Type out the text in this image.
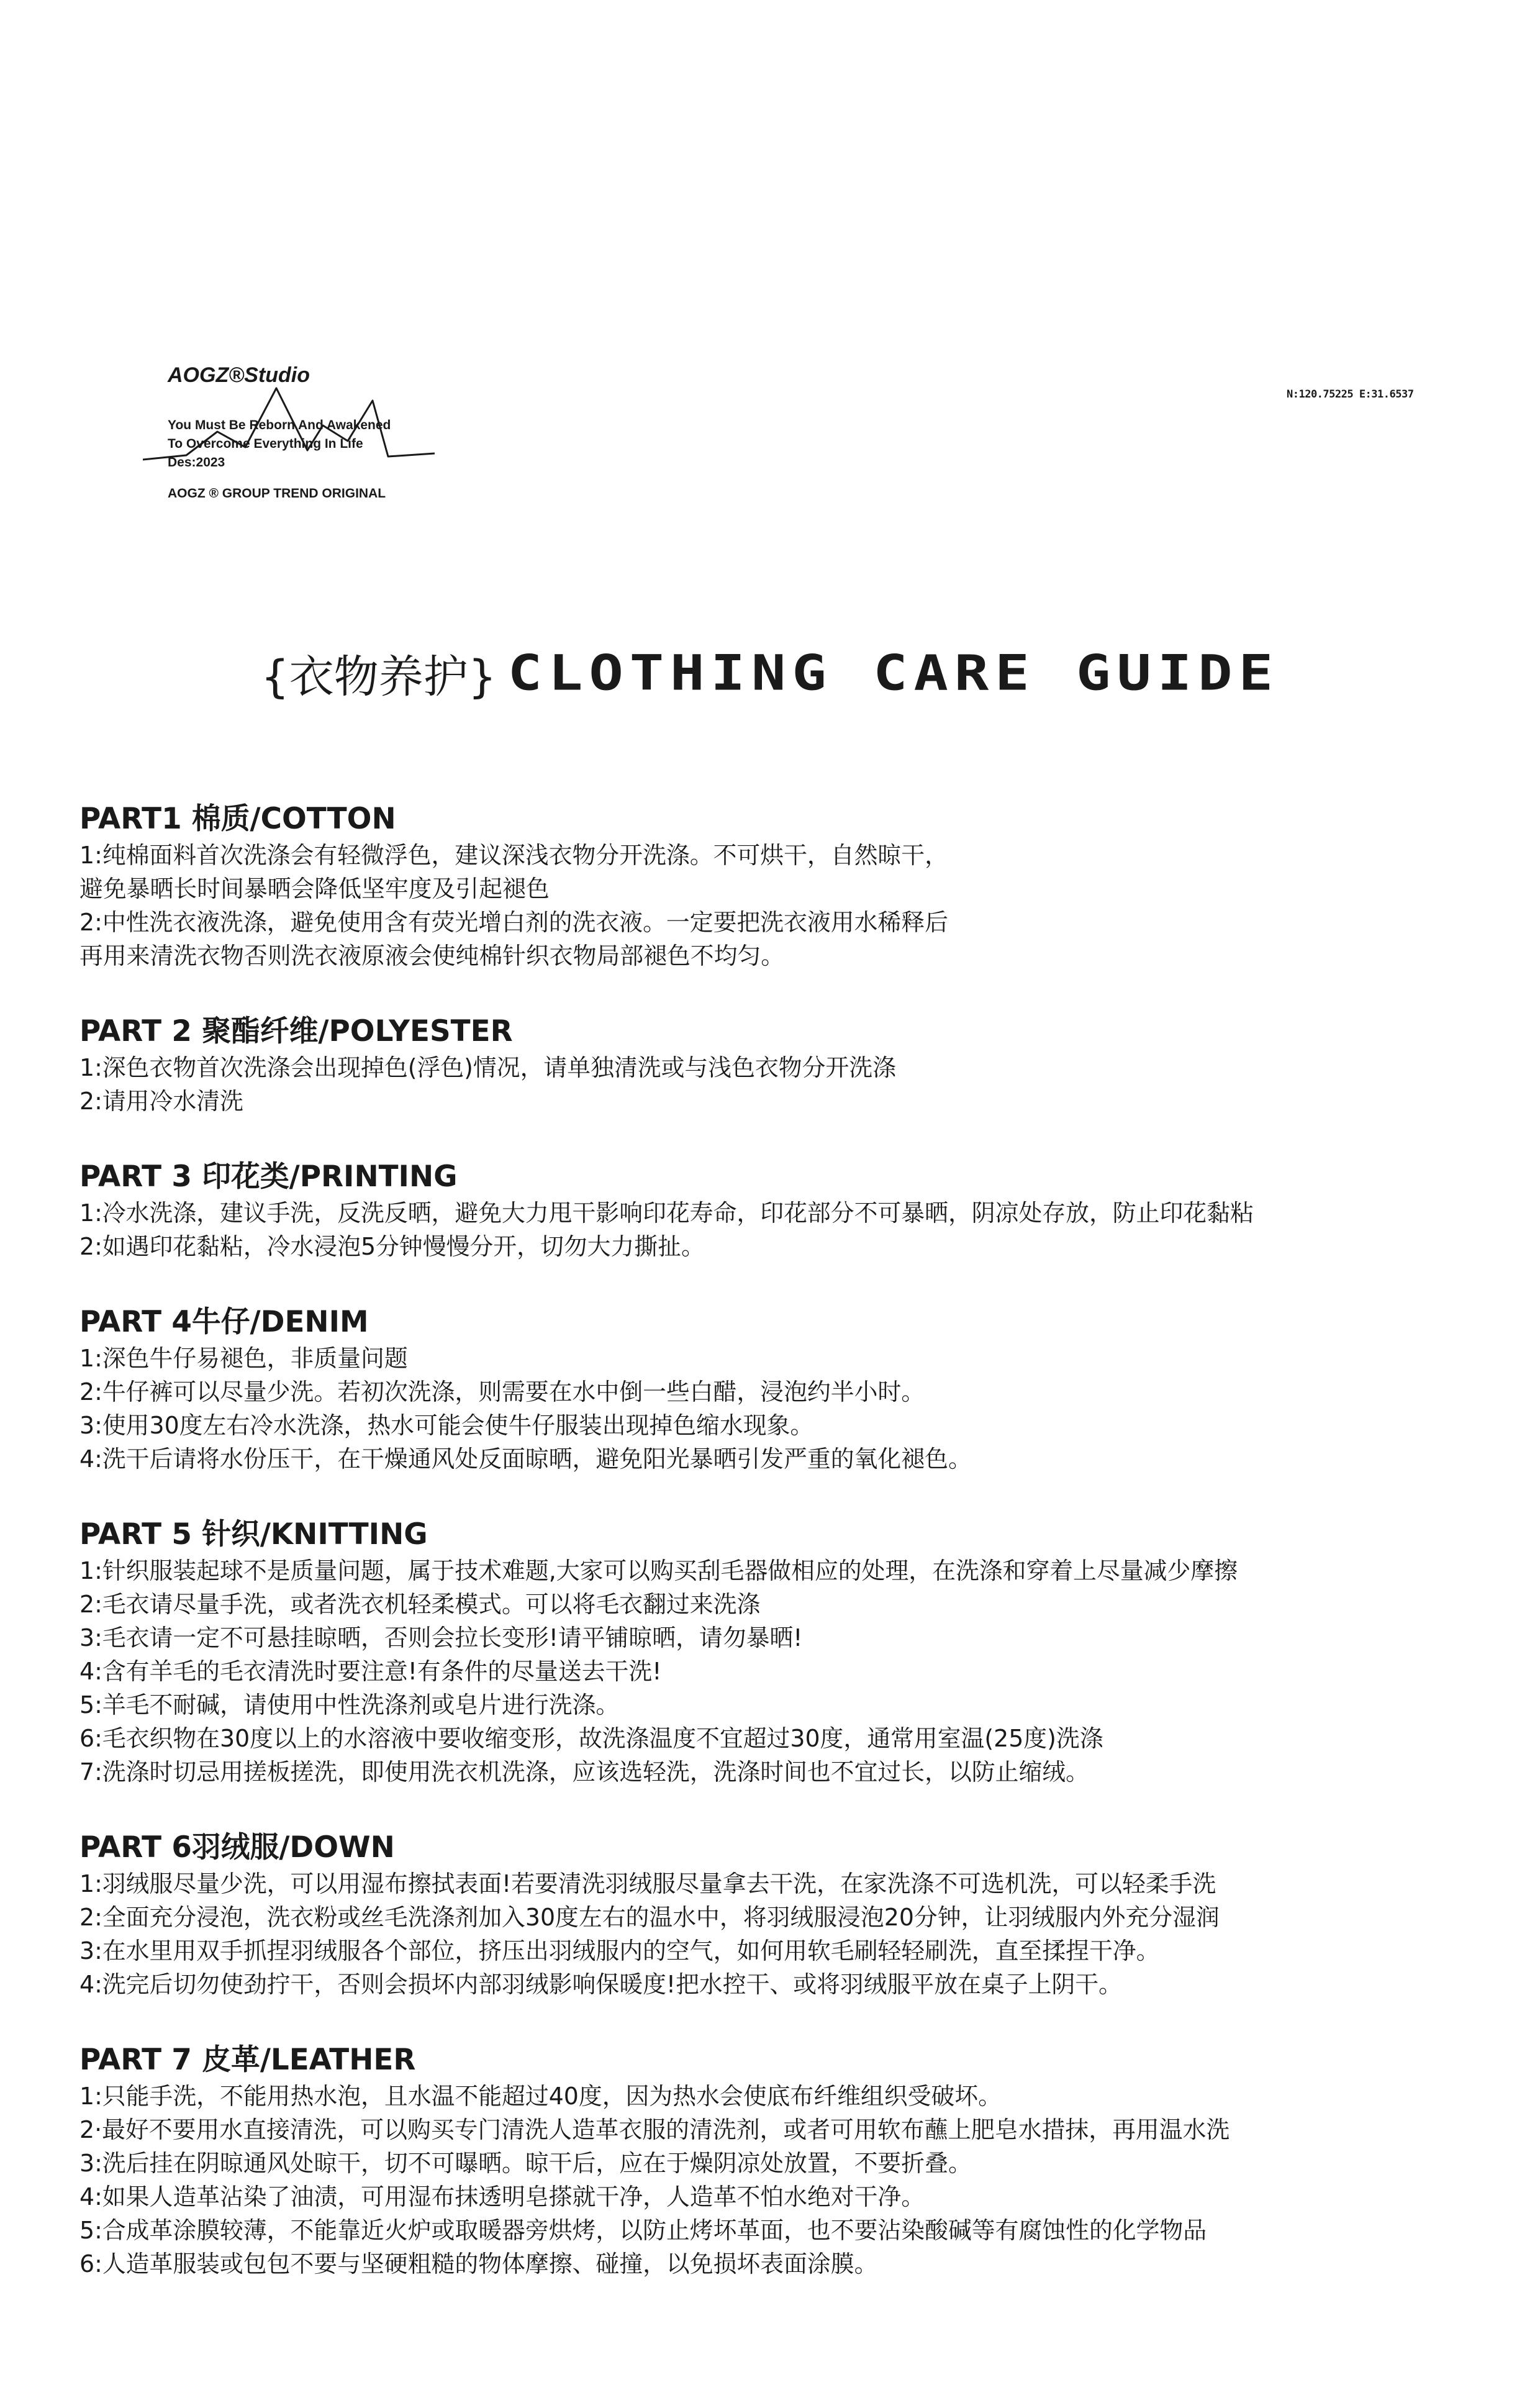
AOGZ®Studio
You Must Be Reborn And Awakened
To Overcome Everything In Life
Des:2023
AOGZ ® GROUP TREND ORIGINAL
N:120.75225 E:31.6537
{衣物养护} CLOTHING CARE GUIDE
PART1 棉质/COTTON
1:纯棉面料首次洗涤会有轻微浮色，建议深浅衣物分开洗涤。不可烘干，自然晾干，
避免暴晒长时间暴晒会降低坚牢度及引起褪色
2:中性洗衣液洗涤，避免使用含有荧光增白剂的洗衣液。一定要把洗衣液用水稀释后
再用来清洗衣物否则洗衣液原液会使纯棉针织衣物局部褪色不均匀。
PART 2 聚酯纤维/POLYESTER
1:深色衣物首次洗涤会出现掉色(浮色)情况，请单独清洗或与浅色衣物分开洗涤
2:请用冷水清洗
PART 3 印花类/PRINTING
1:冷水洗涤，建议手洗，反洗反晒，避免大力甩干影响印花寿命，印花部分不可暴晒，阴凉处存放，防止印花黏粘
2:如遇印花黏粘，冷水浸泡5分钟慢慢分开，切勿大力撕扯。
PART 4牛仔/DENIM
1:深色牛仔易褪色，非质量问题
2:牛仔裤可以尽量少洗。若初次洗涤，则需要在水中倒一些白醋，浸泡约半小时。
3:使用30度左右冷水洗涤，热水可能会使牛仔服装出现掉色缩水现象。
4:洗干后请将水份压干，在干燥通风处反面晾晒，避免阳光暴晒引发严重的氧化褪色。
PART 5 针织/KNITTING
1:针织服装起球不是质量问题，属于技术难题,大家可以购买刮毛器做相应的处理，在洗涤和穿着上尽量减少摩擦
2:毛衣请尽量手洗，或者洗衣机轻柔模式。可以将毛衣翻过来洗涤
3:毛衣请一定不可悬挂晾晒，否则会拉长变形!请平铺晾晒，请勿暴晒!
4:含有羊毛的毛衣清洗时要注意!有条件的尽量送去干洗!
5:羊毛不耐碱，请使用中性洗涤剂或皂片进行洗涤。
6:毛衣织物在30度以上的水溶液中要收缩变形，故洗涤温度不宜超过30度，通常用室温(25度)洗涤
7:洗涤时切忌用搓板搓洗，即使用洗衣机洗涤，应该选轻洗，洗涤时间也不宜过长，以防止缩绒。
PART 6羽绒服/DOWN
1:羽绒服尽量少洗，可以用湿布擦拭表面!若要清洗羽绒服尽量拿去干洗，在家洗涤不可选机洗，可以轻柔手洗
2:全面充分浸泡，洗衣粉或丝毛洗涤剂加入30度左右的温水中，将羽绒服浸泡20分钟，让羽绒服内外充分湿润
3:在水里用双手抓捏羽绒服各个部位，挤压出羽绒服内的空气，如何用软毛刷轻轻刷洗，直至揉捏干净。
4:洗完后切勿使劲拧干，否则会损坏内部羽绒影响保暖度!把水控干、或将羽绒服平放在桌子上阴干。
PART 7 皮革/LEATHER
1:只能手洗，不能用热水泡，且水温不能超过40度，因为热水会使底布纤维组织受破坏。
2·最好不要用水直接清洗，可以购买专门清洗人造革衣服的清洗剂，或者可用软布蘸上肥皂水措抹，再用温水洗
3:洗后挂在阴晾通风处晾干，切不可曝晒。晾干后，应在于燥阴凉处放置，不要折叠。
4:如果人造革沾染了油渍，可用湿布抹透明皂搽就干净，人造革不怕水绝对干净。
5:合成革涂膜较薄，不能靠近火炉或取暖器旁烘烤，以防止烤坏革面，也不要沾染酸碱等有腐蚀性的化学物品
6:人造革服装或包包不要与坚硬粗糙的物体摩擦、碰撞，以免损坏表面涂膜。
